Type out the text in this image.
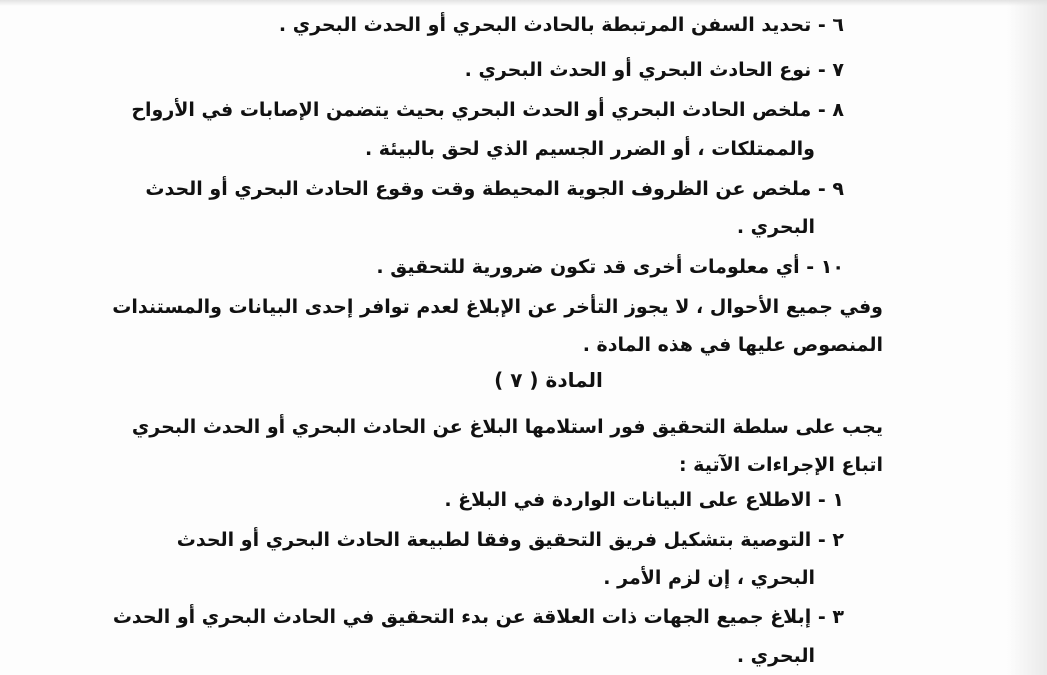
٦ - تحديد السفن المرتبطة بالحادث البحري أو الحدث البحري .
٧ - نوع الحادث البحري أو الحدث البحري .
٨ - ملخص الحادث البحري أو الحدث البحري بحيث يتضمن الإصابات في الأرواح
والممتلكات ، أو الضرر الجسيم الذي لحق بالبيئة .
٩ - ملخص عن الظروف الجوية المحيطة وقت وقوع الحادث البحري أو الحدث
البحري .
١٠ - أي معلومات أخرى قد تكون ضرورية للتحقيق .
وفي جميع الأحوال ، لا يجوز التأخر عن الإبلاغ لعدم توافر إحدى البيانات والمستندات
المنصوص عليها في هذه المادة .
المادة ( ٧ )
يجب على سلطة التحقيق فور استلامها البلاغ عن الحادث البحري أو الحدث البحري
اتباع الإجراءات الآتية :
١ - الاطلاع على البيانات الواردة في البلاغ .
٢ - التوصية بتشكيل فريق التحقيق وفقا لطبيعة الحادث البحري أو الحدث
البحري ، إن لزم الأمر .
٣ - إبلاغ جميع الجهات ذات العلاقة عن بدء التحقيق في الحادث البحري أو الحدث
البحري .
